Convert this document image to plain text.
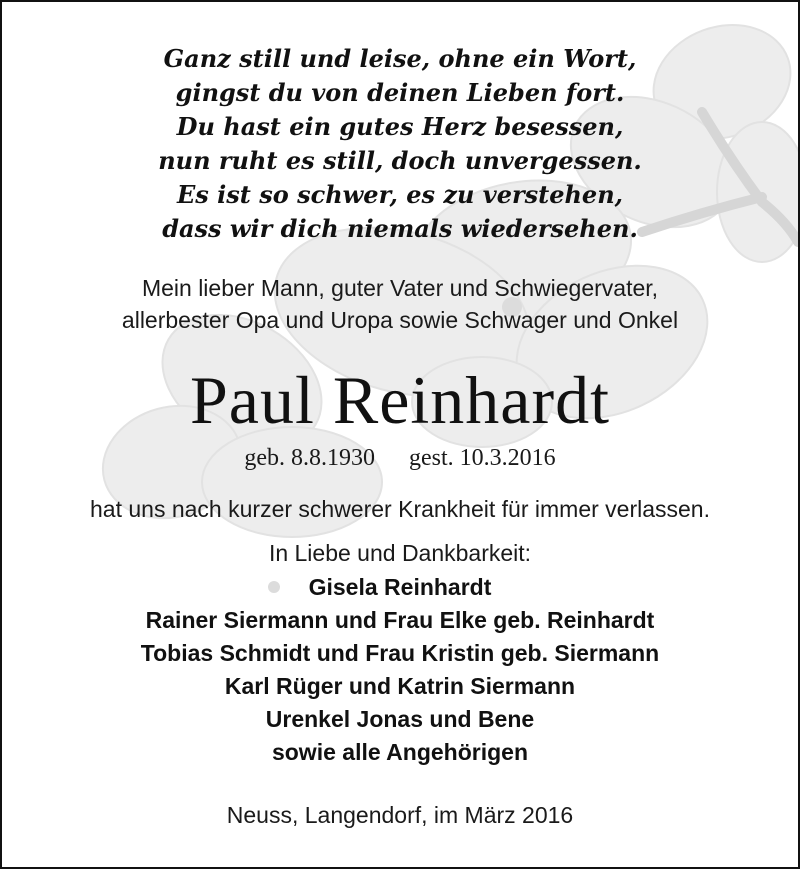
Ganz still und leise, ohne ein Wort,
gingst du von deinen Lieben fort.
Du hast ein gutes Herz besessen,
nun ruht es still, doch unvergessen.
Es ist so schwer, es zu verstehen,
dass wir dich niemals wiedersehen.
Mein lieber Mann, guter Vater und Schwiegervater,
allerbester Opa und Uropa sowie Schwager und Onkel
Paul Reinhardt
geb. 8.8.1930 gest. 10.3.2016
hat uns nach kurzer schwerer Krankheit für immer verlassen.
In Liebe und Dankbarkeit:
Gisela Reinhardt
Rainer Siermann und Frau Elke geb. Reinhardt
Tobias Schmidt und Frau Kristin geb. Siermann
Karl Rüger und Katrin Siermann
Urenkel Jonas und Bene
sowie alle Angehörigen
Neuss, Langendorf, im März 2016
